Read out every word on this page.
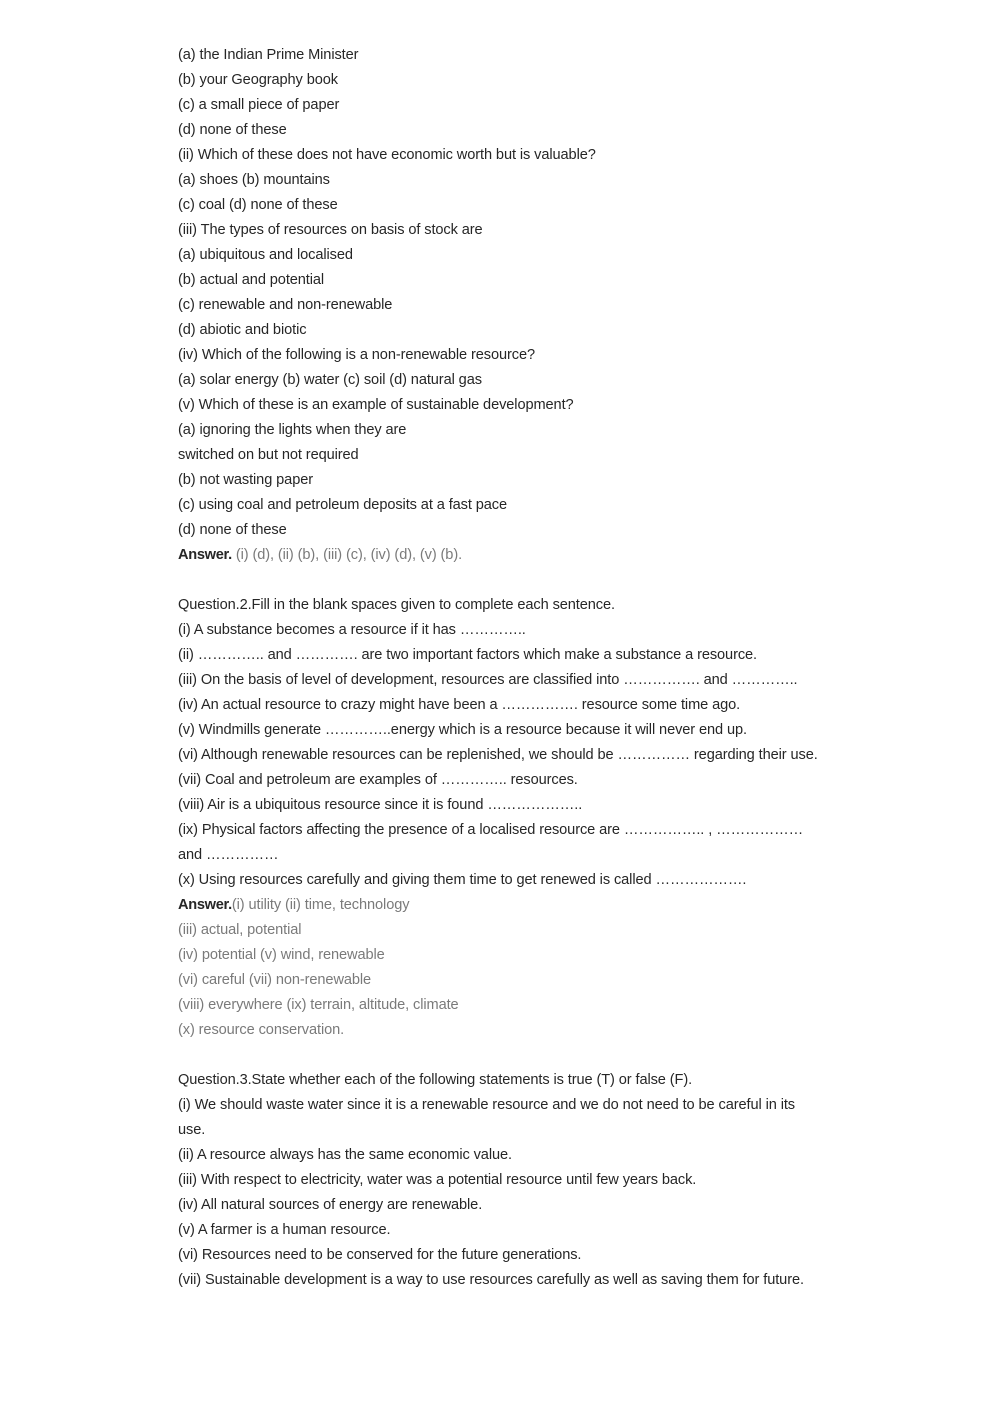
(a) the Indian Prime Minister
(b) your Geography book
(c) a small piece of paper
(d) none of these
(ii) Which of these does not have economic worth but is valuable?
(a) shoes (b) mountains
(c) coal (d) none of these
(iii) The types of resources on basis of stock are
(a) ubiquitous and localised
(b) actual and potential
(c) renewable and non-renewable
(d) abiotic and biotic
(iv) Which of the following is a non-renewable resource?
(a) solar energy (b) water (c) soil (d) natural gas
(v) Which of these is an example of sustainable development?
(a) ignoring the lights when they are
switched on but not required
(b) not wasting paper
(c) using coal and petroleum deposits at a fast pace
(d) none of these
Answer. (i) (d), (ii) (b), (iii) (c), (iv) (d), (v) (b).
Question.2.Fill in the blank spaces given to complete each sentence.
(i) A substance becomes a resource if it has …………..
(ii) ………….. and …………. are two important factors which make a substance a resource.
(iii) On the basis of level of development, resources are classified into ……………. and …………..
(iv) An actual resource to crazy might have been a ……………. resource some time ago.
(v) Windmills generate …………..energy which is a resource because it will never end up.
(vi) Although renewable resources can be replenished, we should be …………… regarding their use.
(vii) Coal and petroleum are examples of ………….. resources.
(viii) Air is a ubiquitous resource since it is found ………………..
(ix) Physical factors affecting the presence of a localised resource are …………….. , ……………… and ……………
(x) Using resources carefully and giving them time to get renewed is called ……………….
Answer.(i) utility (ii) time, technology
(iii) actual, potential
(iv) potential (v) wind, renewable
(vi) careful (vii) non-renewable
(viii) everywhere (ix) terrain, altitude, climate
(x) resource conservation.
Question.3.State whether each of the following statements is true (T) or false (F).
(i) We should waste water since it is a renewable resource and we do not need to be careful in its use.
(ii) A resource always has the same economic value.
(iii) With respect to electricity, water was a potential resource until few years back.
(iv) All natural sources of energy are renewable.
(v) A farmer is a human resource.
(vi) Resources need to be conserved for the future generations.
(vii) Sustainable development is a way to use resources carefully as well as saving them for future.
